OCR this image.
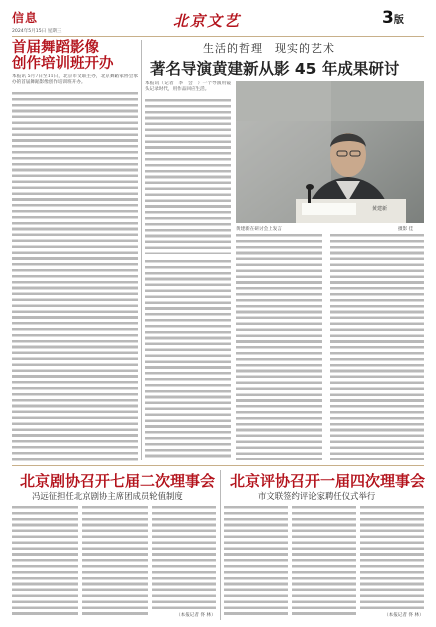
信息
2024年5月15日 星期三
北京文艺	3版
首届舞蹈影像
创作培训班开办
本报讯 5月7日至11日，北京市文联主办，北京舞蹈家协会承办的首届舞蹈影像创作培训班开办。
生活的哲理　现实的艺术
著名导演黄建新从影 45 年成果研讨
本报讯（记者　李　会　）一个导演用镜头记录时代，用作品回应生活。
黄建新
黄建新在研讨会上发言	摄影 佳
北京剧协召开七届二次理事会
冯远征担任北京剧协主席团成员轮值制度
（本报记者 佟 林）
北京评协召开一届四次理事会
市文联签约评论家聘任仪式举行
（本报记者 佟 林）
